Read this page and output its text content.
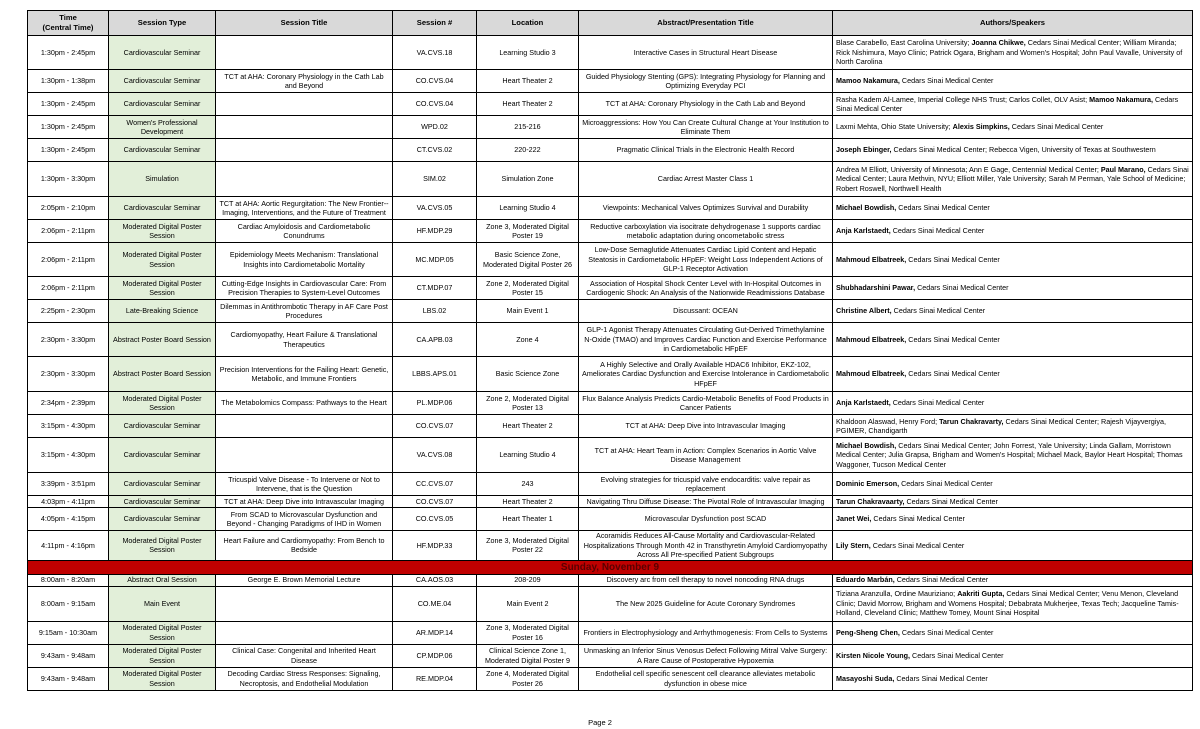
Time
(Central Time)	Session Type	Session Title	Session #	Location	Abstract/Presentation Title	Authors/Speakers
1:30pm - 2:45pm	Cardiovascular Seminar		VA.CVS.18	Learning Studio 3	Interactive Cases in Structural Heart Disease	Blase Carabello, East Carolina University; Joanna Chikwe, Cedars Sinai Medical Center; William Miranda; Rick Nishimura, Mayo Clinic; Patrick Ogara, Brigham and Women's Hospital; John Paul Vavalle, University of North Carolina
1:30pm - 1:38pm	Cardiovascular Seminar	TCT at AHA: Coronary Physiology in the Cath Lab and Beyond	CO.CVS.04	Heart Theater 2	Guided Physiology Stenting (GPS): Integrating Physiology for Planning and Optimizing Everyday PCI	Mamoo Nakamura, Cedars Sinai Medical Center
1:30pm - 2:45pm	Cardiovascular Seminar		CO.CVS.04	Heart Theater 2	TCT at AHA: Coronary Physiology in the Cath Lab and Beyond	Rasha Kadem Al-Lamee, Imperial College NHS Trust; Carlos Collet, OLV Asist; Mamoo Nakamura, Cedars Sinai Medical Center
1:30pm - 2:45pm	Women's Professional Development		WPD.02	215-216	Microaggressions: How You Can Create Cultural Change at Your Institution to Eliminate Them	Laxmi Mehta, Ohio State University; Alexis Simpkins, Cedars Sinai Medical Center
1:30pm - 2:45pm	Cardiovascular Seminar		CT.CVS.02	220-222	Pragmatic Clinical Trials in the Electronic Health Record	Joseph Ebinger, Cedars Sinai Medical Center; Rebecca Vigen, University of Texas at Southwestern
1:30pm - 3:30pm	Simulation		SIM.02	Simulation Zone	Cardiac Arrest Master Class 1	Andrea M Elliott, University of Minnesota; Ann E Gage, Centennial Medical Center; Paul Marano, Cedars Sinai Medical Center; Laura Methvin, NYU; Elliott Miller, Yale University; Sarah M Perman, Yale School of Medicine; Robert Roswell, Northwell Health
2:05pm - 2:10pm	Cardiovascular Seminar	TCT at AHA: Aortic Regurgitation: The New Frontier--Imaging, Interventions, and the Future of Treatment	VA.CVS.05	Learning Studio 4	Viewpoints: Mechanical Valves Optimizes Survival and Durability	Michael Bowdish, Cedars Sinai Medical Center
2:06pm - 2:11pm	Moderated Digital Poster Session	Cardiac Amyloidosis and Cardiometabolic Conundrums	HF.MDP.29	Zone 3, Moderated Digital Poster 19	Reductive carboxylation via isocitrate dehydrogenase 1 supports cardiac metabolic adaptation during oncometabolic stress	Anja Karlstaedt, Cedars Sinai Medical Center
2:06pm - 2:11pm	Moderated Digital Poster Session	Epidemiology Meets Mechanism: Translational Insights into Cardiometabolic Mortality	MC.MDP.05	Basic Science Zone, Moderated Digital Poster 26	Low-Dose Semaglutide Attenuates Cardiac Lipid Content and Hepatic Steatosis in Cardiometabolic HFpEF: Weight Loss Independent Actions of GLP-1 Receptor Activation	Mahmoud Elbatreek, Cedars Sinai Medical Center
2:06pm - 2:11pm	Moderated Digital Poster Session	Cutting-Edge Insights in Cardiovascular Care: From Precision Therapies to System-Level Outcomes	CT.MDP.07	Zone 2, Moderated Digital Poster 15	Association of Hospital Shock Center Level with In-Hospital Outcomes in Cardiogenic Shock: An Analysis of the Nationwide Readmissions Database	Shubhadarshini Pawar, Cedars Sinai Medical Center
2:25pm - 2:30pm	Late-Breaking Science	Dilemmas in Antithrombotic Therapy in AF Care Post Procedures	LBS.02	Main Event 1	Discussant: OCEAN	Christine Albert, Cedars Sinai Medical Center
2:30pm - 3:30pm	Abstract Poster Board Session	Cardiomyopathy, Heart Failure & Translational Therapeutics	CA.APB.03	Zone 4	GLP-1 Agonist Therapy Attenuates Circulating Gut-Derived Trimethylamine N-Oxide (TMAO) and Improves Cardiac Function and Exercise Performance in Cardiometabolic HFpEF	Mahmoud Elbatreek, Cedars Sinai Medical Center
2:30pm - 3:30pm	Abstract Poster Board Session	Precision Interventions for the Failing Heart: Genetic, Metabolic, and Immune Frontiers	LBBS.APS.01	Basic Science Zone	A Highly Selective and Orally Available HDAC6 Inhibitor, EKZ-102, Ameliorates Cardiac Dysfunction and Exercise Intolerance in Cardiometabolic HFpEF	Mahmoud Elbatreek, Cedars Sinai Medical Center
2:34pm - 2:39pm	Moderated Digital Poster Session	The Metabolomics Compass: Pathways to the Heart	PL.MDP.06	Zone 2, Moderated Digital Poster 13	Flux Balance Analysis Predicts Cardio-Metabolic Benefits of Food Products in Cancer Patients	Anja Karlstaedt, Cedars Sinai Medical Center
3:15pm - 4:30pm	Cardiovascular Seminar		CO.CVS.07	Heart Theater 2	TCT at AHA: Deep Dive into Intravascular Imaging	Khaldoon Alaswad, Henry Ford; Tarun Chakravarty, Cedars Sinai Medical Center; Rajesh Vijayvergiya, PGIMER, Chandigarth
3:15pm - 4:30pm	Cardiovascular Seminar		VA.CVS.08	Learning Studio 4	TCT at AHA: Heart Team in Action: Complex Scenarios in Aortic Valve Disease Management	Michael Bowdish, Cedars Sinai Medical Center; John Forrest, Yale University; Linda Gallam, Morristown Medical Center; Julia Grapsa, Brigham and Women's Hospital; Michael Mack, Baylor Heart Hospital; Thomas Waggoner, Tucson Medical Center
3:39pm - 3:51pm	Cardiovascular Seminar	Tricuspid Valve Disease - To Intervene or Not to Intervene, that is the Question	CC.CVS.07	243	Evolving strategies for tricuspid valve endocarditis: valve repair as replacement	Dominic Emerson, Cedars Sinai Medical Center
4:03pm - 4:11pm	Cardiovascular Seminar	TCT at AHA: Deep Dive into Intravascular Imaging	CO.CVS.07	Heart Theater 2	Navigating Thru Diffuse Disease: The Pivotal Role of Intravascular Imaging	Tarun Chakravaarty, Cedars Sinai Medical Center
4:05pm - 4:15pm	Cardiovascular Seminar	From SCAD to Microvascular Dysfunction and Beyond - Changing Paradigms of IHD in Women	CO.CVS.05	Heart Theater 1	Microvascular Dysfunction post SCAD	Janet Wei, Cedars Sinai Medical Center
4:11pm - 4:16pm	Moderated Digital Poster Session	Heart Failure and Cardiomyopathy: From Bench to Bedside	HF.MDP.33	Zone 3, Moderated Digital Poster 22	Acoramidis Reduces All-Cause Mortality and Cardiovascular-Related Hospitalizations Through Month 42 in Transthyretin Amyloid Cardiomyopathy Across All Pre-specified Patient Subgroups	Lily Stern, Cedars Sinai Medical Center
Sunday, November 9						
8:00am - 8:20am	Abstract Oral Session	George E. Brown Memorial Lecture	CA.AOS.03	208-209	Discovery arc from cell therapy to novel noncoding RNA drugs	Eduardo Marbán, Cedars Sinai Medical Center
8:00am - 9:15am	Main Event		CO.ME.04	Main Event 2	The New 2025 Guideline for Acute Coronary Syndromes	Tiziana Aranzulla, Ordine Mauriziano; Aakriti Gupta, Cedars Sinai Medical Center; Venu Menon, Cleveland Clinic; David Morrow, Brigham and Womens Hospital; Debabrata Mukherjee, Texas Tech; Jacqueline Tamis-Holland, Cleveland Clinic; Matthew Tomey, Mount Sinai Hospital
9:15am - 10:30am	Moderated Digital Poster Session		AR.MDP.14	Zone 3, Moderated Digital Poster 16	Frontiers in Electrophysiology and Arrhythmogenesis: From Cells to Systems	Peng-Sheng Chen, Cedars Sinai Medical Center
9:43am - 9:48am	Moderated Digital Poster Session	Clinical Case: Congenital and Inherited Heart Disease	CP.MDP.06	Clinical Science Zone 1, Moderated Digital Poster 9	Unmasking an Inferior Sinus Venosus Defect Following Mitral Valve Surgery: A Rare Cause of Postoperative Hypoxemia	Kirsten Nicole Young, Cedars Sinai Medical Center
9:43am - 9:48am	Moderated Digital Poster Session	Decoding Cardiac Stress Responses: Signaling, Necroptosis, and Endothelial Modulation	RE.MDP.04	Zone 4, Moderated Digital Poster 26	Endothelial cell specific senescent cell clearance alleviates metabolic dysfunction in obese mice	Masayoshi Suda, Cedars Sinai Medical Center
Page 2
